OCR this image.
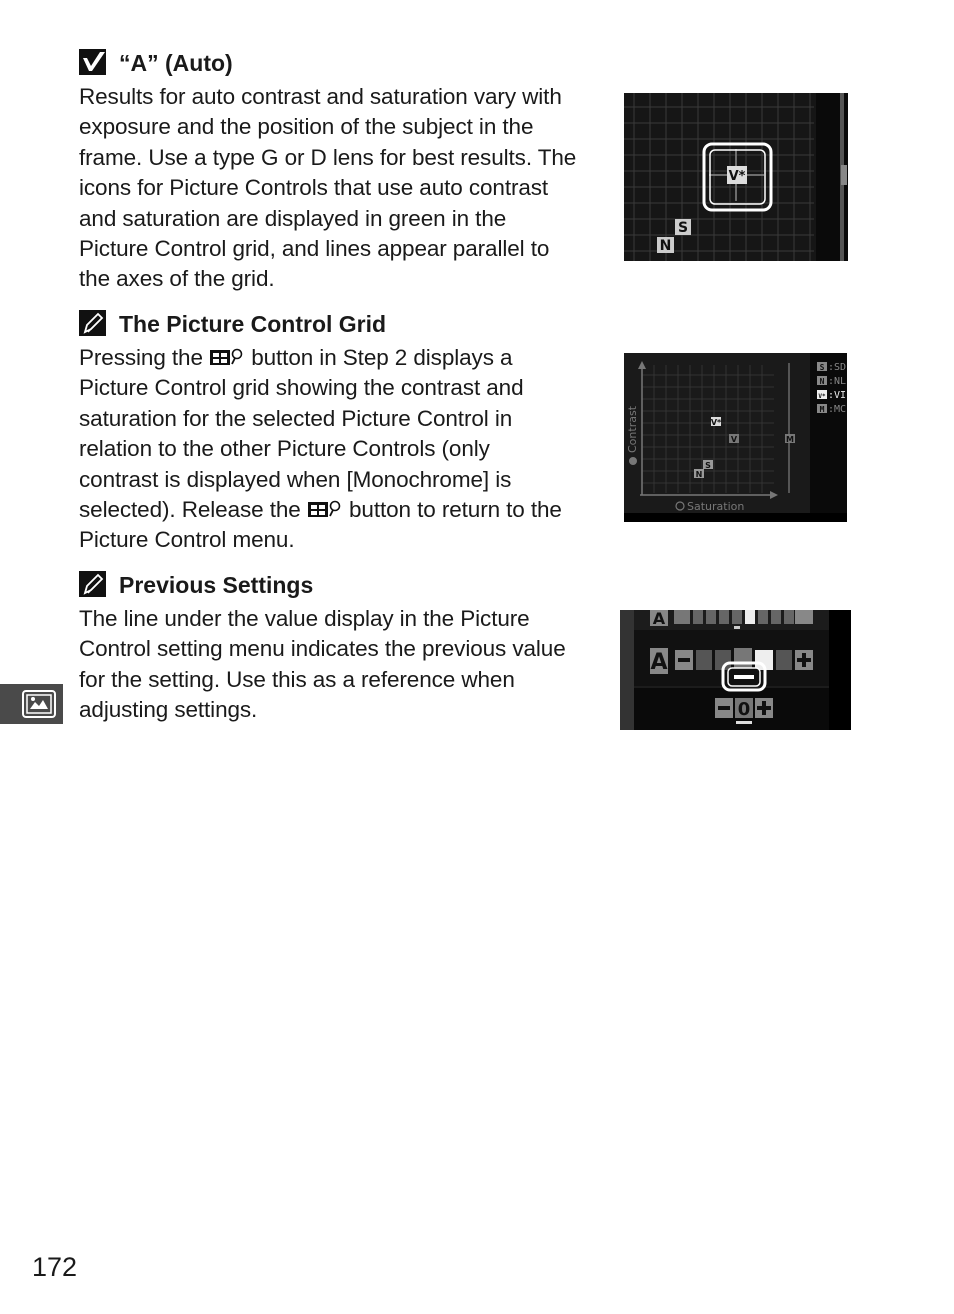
“A” (Auto)

Results for auto contrast and saturation vary with
exposure and the position of the subject in the
frame. Use a type G or D lens for best results. The
icons for Picture Controls that use auto contrast
and saturation are displayed in green in the
Picture Control grid, and lines appear parallel to
the axes of the grid.

V*
S
N
The Picture Control Grid

Pressing the button in Step 2 displays a
Picture Control grid showing the contrast and
saturation for the selected Picture Control in
relation to the other Picture Controls (only
contrast is displayed when [Monochrome] is
selected). Release the button to return to the
Picture Control menu.

Contrast
Saturation
V*
V	M
S
N
S :SD
N :NL
V* :VI
M :MC
Previous Settings

The line under the value display in the Picture
Control setting menu indicates the previous value
for the setting. Use this as a reference when
adjusting settings.

A
A
0
172
